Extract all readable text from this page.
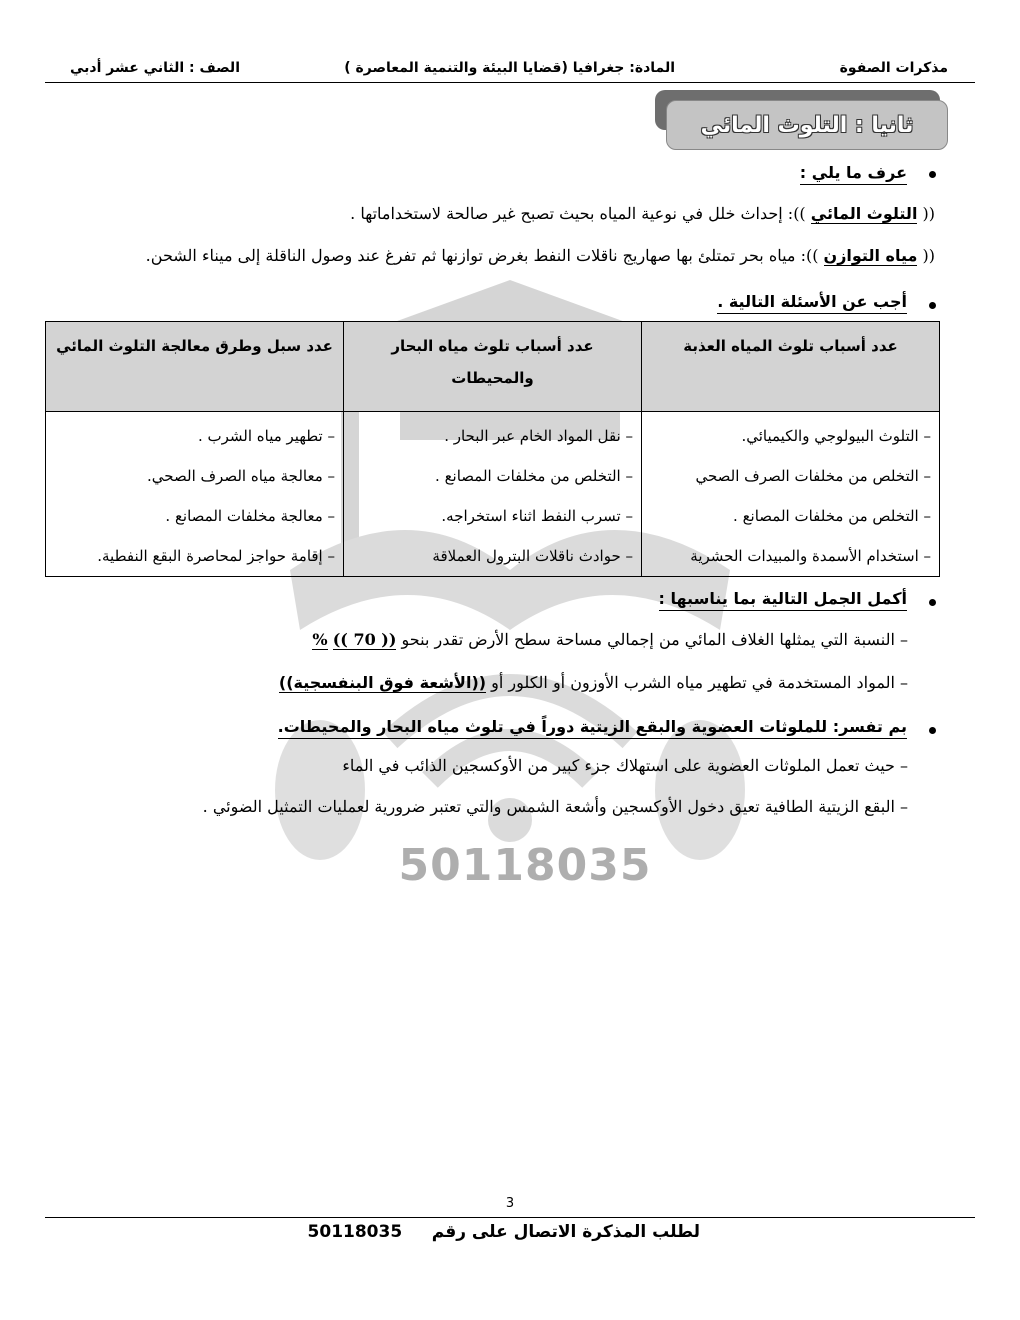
مذكرات الصفوة
المادة: جغرافيا (قضايا البيئة والتنمية المعاصرة )
الصف : الثاني عشر أدبي
50118035
ثانيا : التلوث المائي
عرف ما يلي :
(( التلوث المائي )): إحداث خلل في نوعية المياه بحيث تصبح غير صالحة لاستخداماتها .
(( مياه التوازن )): مياه بحر تمتلئ بها صهاريج ناقلات النفط بغرض توازنها ثم تفرغ عند وصول الناقلة إلى ميناء الشحن.
أجب عن الأسئلة التالية .
عدد أسباب تلوث المياه العذبة	عدد أسباب تلوث مياه البحار والمحيطات	عدد سبل وطرق معالجة التلوث المائي
– التلوث البيولوجي والكيميائي.	– نقل المواد الخام عبر البحار .	– تطهير مياه الشرب .
– التخلص من مخلفات الصرف الصحي	– التخلص من مخلفات المصانع .	– معالجة مياه الصرف الصحي.
– التخلص من مخلفات المصانع .	– تسرب النفط اثناء استخراجه.	– معالجة مخلفات المصانع .
– استخدام الأسمدة والمبيدات الحشرية	– حوادث ناقلات البترول العملاقة	– إقامة حواجز لمحاصرة البقع النفطية.
أكمل الجمل التالية بما يناسبها :
– النسبة التي يمثلها الغلاف المائي من إجمالي مساحة سطح الأرض تقدر بنحو (( 70 )) %
– المواد المستخدمة في تطهير مياه الشرب الأوزون أو الكلور أو ((الأشعة فوق البنفسجية))
بم تفسر: للملوثات العضوية والبقع الزيتية دوراً في تلوث مياه البحار والمحيطات.
– حيث تعمل الملوثات العضوية على استهلاك جزء كبير من الأوكسجين الذائب في الماء
– البقع الزيتية الطافية تعيق دخول الأوكسجين وأشعة الشمس والتي تعتبر ضرورية لعمليات التمثيل الضوئي .
3
لطلب المذكرة الاتصال على رقم     50118035
